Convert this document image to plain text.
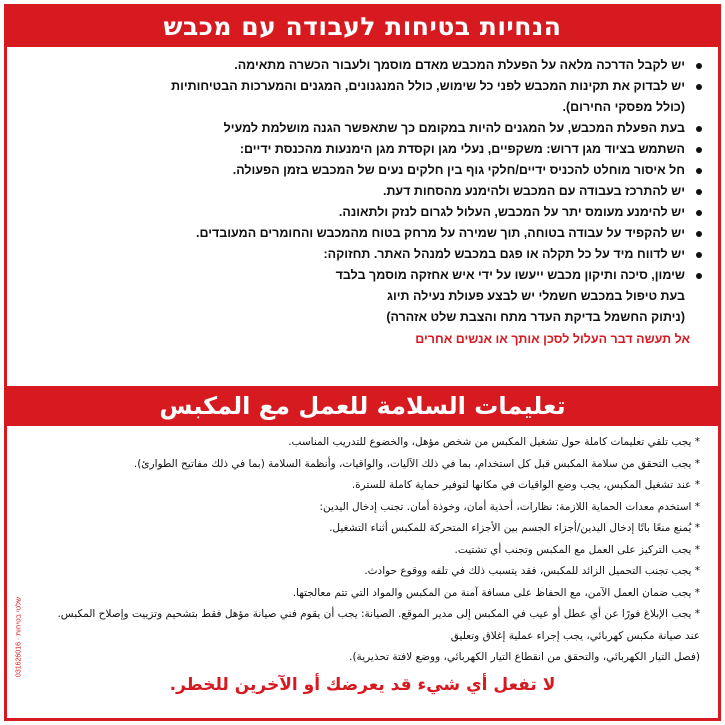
הנחיות בטיחות לעבודה עם מכבש
יש לקבל הדרכה מלאה על הפעלת המכבש מאדם מוסמך ולעבור הכשרה מתאימה.
יש לבדוק את תקינות המכבש לפני כל שימוש, כולל המנגנונים, המגנים והמערכות הבטיחותיות
(כולל מפסקי החירום).
בעת הפעלת המכבש, על המגנים להיות במקומם כך שתאפשר הגנה מושלמת למעיל
השתמש בציוד מגן דרוש: משקפיים, נעלי מגן וקסדת מגן הימנעות מהכנסת ידיים:
חל איסור מוחלט להכניס ידיים/חלקי גוף בין חלקים נעים של המכבש בזמן הפעולה.
יש להתרכז בעבודה עם המכבש ולהימנע מהסחות דעת.
יש להימנע מעומס יתר על המכבש, העלול לגרום לנזק ולתאונה.
יש להקפיד על עבודה בטוחה, תוך שמירה על מרחק בטוח מהמכבש והחומרים המעובדים.
יש לדווח מיד על כל תקלה או פגם במכבש למנהל האתר. תחזוקה:
שימון, סיכה ותיקון מכבש ייעשו על ידי איש אחזקה מוסמך בלבד
בעת טיפול במכבש חשמלי יש לבצע פעולת נעילה תיוג
(ניתוק החשמל בדיקת העדר מתח והצבת שלט אזהרה)
אל תעשה דבר העלול לסכן אותך או אנשים אחרים
تعليمات السلامة للعمل مع المكبس
* يجب تلقي تعليمات كاملة حول تشغيل المكبس من شخص مؤهل، والخضوع للتدريب المناسب.
* يجب التحقق من سلامة المكبس قبل كل استخدام، بما في ذلك الآليات، والواقيات، وأنظمة السلامة (بما في ذلك مفاتيح الطوارئ).
* عند تشغيل المكبس، يجب وضع الواقيات في مكانها لتوفير حماية كاملة للسترة.
* استخدم معدات الحماية اللازمة: نظارات، أحذية أمان، وخوذة أمان. تجنب إدخال اليدين:
* يُمنع منعًا باتًا إدخال اليدين/أجزاء الجسم بين الأجزاء المتحركة للمكبس أثناء التشغيل.
* يجب التركيز على العمل مع المكبس وتجنب أي تشتيت.
* يجب تجنب التحميل الزائد للمكبس، فقد يتسبب ذلك في تلفه ووقوع حوادث.
* يجب ضمان العمل الآمن، مع الحفاظ على مسافة آمنة من المكبس والمواد التي تتم معالجتها.
* يجب الإبلاغ فورًا عن أي عطل أو عيب في المكبس إلى مدير الموقع. الصيانة: يجب أن يقوم فني صيانة مؤهل فقط بتشحيم وتزييت وإصلاح المكبس.
عند صيانة مكبس كهربائي، يجب إجراء عملية إغلاق وتعليق
(فصل التيار الكهربائي، والتحقق من انقطاع التيار الكهربائي، ووضع لافتة تحذيرية).
لا تفعل أي شيء قد يعرضك أو الآخرين للخطر.
031626016 · שלטי בטיחות
